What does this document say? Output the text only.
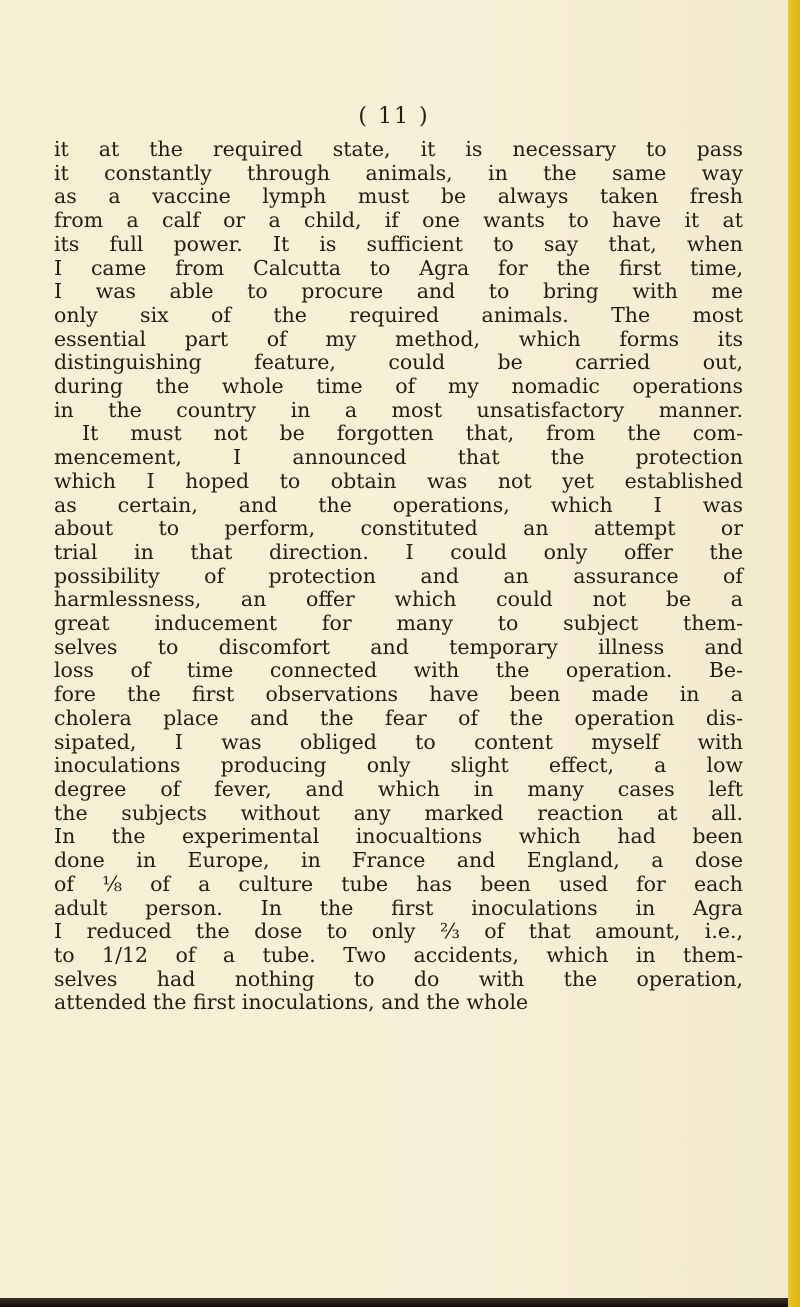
( 11 )
it at the required state, it is necessary to pass
it constantly through animals, in the same way
as a vaccine lymph must be always taken fresh
from a calf or a child, if one wants to have it at
its full power. It is sufficient to say that, when
I came from Calcutta to Agra for the first time,
I was able to procure and to bring with me
only six of the required animals. The most
essential part of my method, which forms its
distinguishing feature, could be carried out,
during the whole time of my nomadic operations
in the country in a most unsatisfactory manner.
It must not be forgotten that, from the com-
mencement, I announced that the protection
which I hoped to obtain was not yet established
as certain, and the operations, which I was
about to perform, constituted an attempt or
trial in that direction. I could only offer the
possibility of protection and an assurance of
harmlessness, an offer which could not be a
great inducement for many to subject them-
selves to discomfort and temporary illness and
loss of time connected with the operation. Be-
fore the first observations have been made in a
cholera place and the fear of the operation dis-
sipated, I was obliged to content myself with
inoculations producing only slight effect, a low
degree of fever, and which in many cases left
the subjects without any marked reaction at all.
In the experimental inocualtions which had been
done in Europe, in France and England, a dose
of ⅛ of a culture tube has been used for each
adult person. In the first inoculations in Agra
I reduced the dose to only ⅔ of that amount, i.e.,
to 1/12 of a tube. Two accidents, which in them-
selves had nothing to do with the operation,
attended the first inoculations, and the whole
